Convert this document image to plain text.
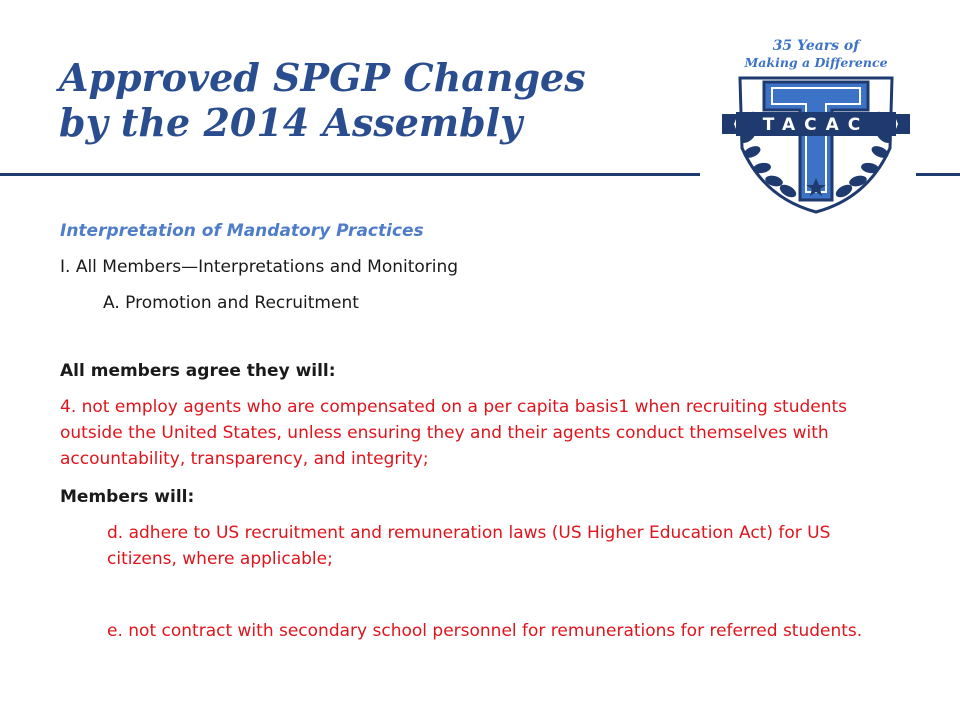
Approved SPGP Changes
by the 2014 Assembly	TACAC
35 Years of
Making a Difference
Interpretation of Mandatory Practices
I. All Members—Interpretations and Monitoring
A. Promotion and Recruitment
All members agree they will:
4. not employ agents who are compensated on a per capita basis1 when recruiting students outside the United States, unless ensuring they and their agents conduct themselves with accountability, transparency, and integrity;
Members will:
d. adhere to US recruitment and remuneration laws (US Higher Education Act) for US citizens, where applicable;
e. not contract with secondary school personnel for remunerations for referred students.
